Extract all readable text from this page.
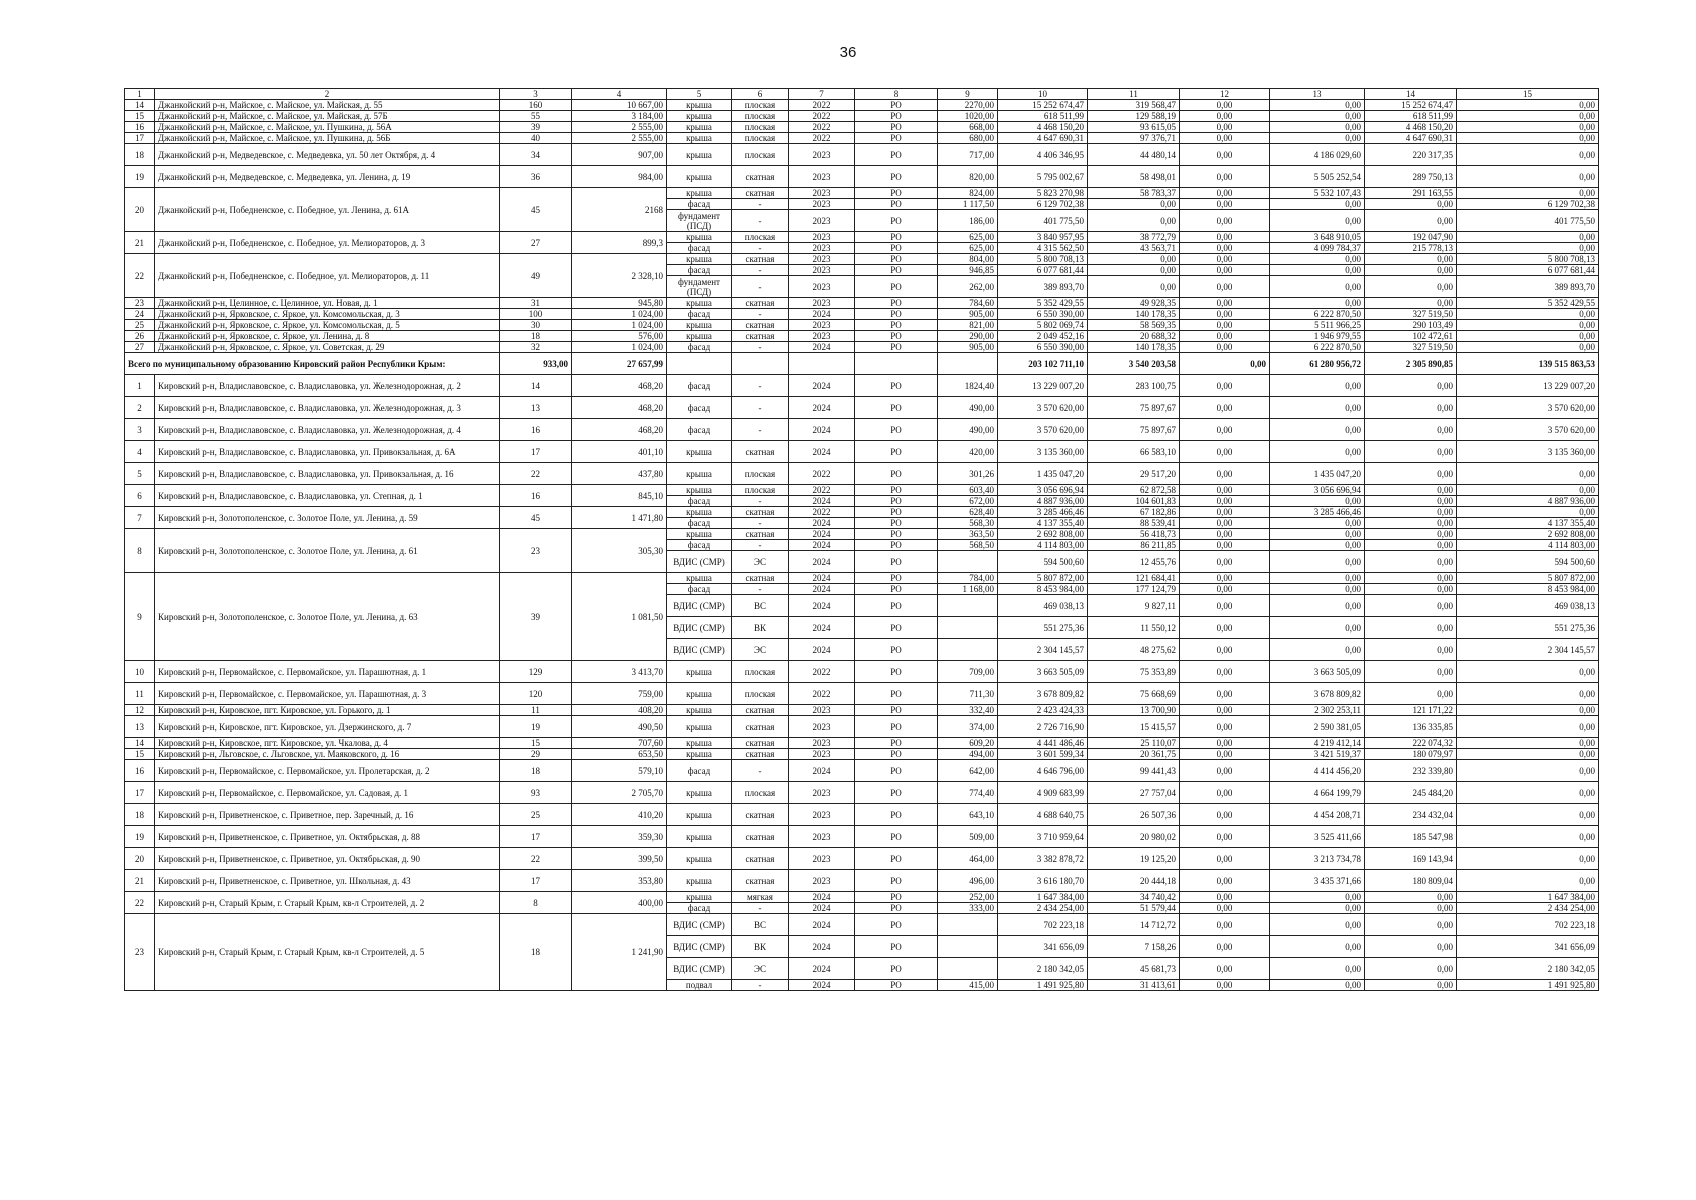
36
1	2	3	4	5	6	7	8	9	10	11	12	13	14	15
14	Джанкойский р-н, Майское, с. Майское, ул. Майская, д. 55	160	10 667,00	крыша	плоская	2022	РО	2270,00	15 252 674,47	319 568,47	0,00	0,00	15 252 674,47	0,00
15	Джанкойский р-н, Майское, с. Майское, ул. Майская, д. 57Б	55	3 184,00	крыша	плоская	2022	РО	1020,00	618 511,99	129 588,19	0,00	0,00	618 511,99	0,00
16	Джанкойский р-н, Майское, с. Майское, ул. Пушкина, д. 56А	39	2 555,00	крыша	плоская	2022	РО	668,00	4 468 150,20	93 615,05	0,00	0,00	4 468 150,20	0,00
17	Джанкойский р-н, Майское, с. Майское, ул. Пушкина, д. 56Б	40	2 555,00	крыша	плоская	2022	РО	680,00	4 647 690,31	97 376,71	0,00	0,00	4 647 690,31	0,00
18	Джанкойский р-н, Медведевское, с. Медведевка, ул. 50 лет Октября, д. 4	34	907,00	крыша	плоская	2023	РО	717,00	4 406 346,95	44 480,14	0,00	4 186 029,60	220 317,35	0,00
19	Джанкойский р-н, Медведевское, с. Медведевка, ул. Ленина, д. 19	36	984,00	крыша	скатная	2023	РО	820,00	5 795 002,67	58 498,01	0,00	5 505 252,54	289 750,13	0,00
20	Джанкойский р-н, Победненское, с. Победное, ул. Ленина, д. 61А	45	2168	крыша	скатная	2023	РО	824,00	5 823 270,98	58 783,37	0,00	5 532 107,43	291 163,55	0,00
				фасад	-	2023	РО	1 117,50	6 129 702,38	0,00	0,00	0,00	0,00	6 129 702,38
				фундамент (ПСД)	-	2023	РО	186,00	401 775,50	0,00	0,00	0,00	0,00	401 775,50
21	Джанкойский р-н, Победненское, с. Победное, ул. Мелиораторов, д. 3	27	899,3	крыша	плоская	2023	РО	625,00	3 840 957,95	38 772,79	0,00	3 648 910,05	192 047,90	0,00
				фасад	-	2023	РО	625,00	4 315 562,50	43 563,71	0,00	4 099 784,37	215 778,13	0,00
22	Джанкойский р-н, Победненское, с. Победное, ул. Мелиораторов, д. 11	49	2 328,10	крыша	скатная	2023	РО	804,00	5 800 708,13	0,00	0,00	0,00	0,00	5 800 708,13
				фасад	-	2023	РО	946,85	6 077 681,44	0,00	0,00	0,00	0,00	6 077 681,44
				фундамент (ПСД)	-	2023	РО	262,00	389 893,70	0,00	0,00	0,00	0,00	389 893,70
23	Джанкойский р-н, Целинное, с. Целинное, ул. Новая, д. 1	31	945,80	крыша	скатная	2023	РО	784,60	5 352 429,55	49 928,35	0,00	0,00	0,00	5 352 429,55
24	Джанкойский р-н, Ярковское, с. Яркое, ул. Комсомольская, д. 3	100	1 024,00	фасад	-	2024	РО	905,00	6 550 390,00	140 178,35	0,00	6 222 870,50	327 519,50	0,00
25	Джанкойский р-н, Ярковское, с. Яркое, ул. Комсомольская, д. 5	30	1 024,00	крыша	скатная	2023	РО	821,00	5 802 069,74	58 569,35	0,00	5 511 966,25	290 103,49	0,00
26	Джанкойский р-н, Ярковское, с. Яркое, ул. Ленина, д. 8	18	576,00	крыша	скатная	2023	РО	290,00	2 049 452,16	20 688,32	0,00	1 946 979,55	102 472,61	0,00
27	Джанкойский р-н, Ярковское, с. Яркое, ул. Советская, д. 29	32	1 024,00	фасад	-	2024	РО	905,00	6 550 390,00	140 178,35	0,00	6 222 870,50	327 519,50	0,00
Всего по муниципальному образованию Кировский район Республики Крым:		933,00	27 657,99						203 102 711,10	3 540 203,58	0,00	61 280 956,72	2 305 890,85	139 515 863,53
1	Кировский р-н, Владиславовское, с. Владиславовка, ул. Железнодорожная, д. 2	14	468,20	фасад	-	2024	РО	1824,40	13 229 007,20	283 100,75	0,00	0,00	0,00	13 229 007,20
2	Кировский р-н, Владиславовское, с. Владиславовка, ул. Железнодорожная, д. 3	13	468,20	фасад	-	2024	РО	490,00	3 570 620,00	75 897,67	0,00	0,00	0,00	3 570 620,00
3	Кировский р-н, Владиславовское, с. Владиславовка, ул. Железнодорожная, д. 4	16	468,20	фасад	-	2024	РО	490,00	3 570 620,00	75 897,67	0,00	0,00	0,00	3 570 620,00
4	Кировский р-н, Владиславовское, с. Владиславовка, ул. Привокзальная, д. 6А	17	401,10	крыша	скатная	2024	РО	420,00	3 135 360,00	66 583,10	0,00	0,00	0,00	3 135 360,00
5	Кировский р-н, Владиславовское, с. Владиславовка, ул. Привокзальная, д. 16	22	437,80	крыша	плоская	2022	РО	301,26	1 435 047,20	29 517,20	0,00	1 435 047,20	0,00	0,00
6	Кировский р-н, Владиславовское, с. Владиславовка, ул. Степная, д. 1	16	845,10	крыша	плоская	2022	РО	603,40	3 056 696,94	62 872,58	0,00	3 056 696,94	0,00	0,00
				фасад	-	2024	РО	672,00	4 887 936,00	104 601,83	0,00	0,00	0,00	4 887 936,00
7	Кировский р-н, Золотополенское, с. Золотое Поле, ул. Ленина, д. 59	45	1 471,80	крыша	скатная	2022	РО	628,40	3 285 466,46	67 182,86	0,00	3 285 466,46	0,00	0,00
				фасад	-	2024	РО	568,30	4 137 355,40	88 539,41	0,00	0,00	0,00	4 137 355,40
8	Кировский р-н, Золотополенское, с. Золотое Поле, ул. Ленина, д. 61	23	305,30	крыша	скатная	2024	РО	363,50	2 692 808,00	56 418,73	0,00	0,00	0,00	2 692 808,00
				фасад	-	2024	РО	568,50	4 114 803,00	86 211,85	0,00	0,00	0,00	4 114 803,00
				ВДИС (СМР)	ЭС	2024	РО		594 500,60	12 455,76	0,00	0,00	0,00	594 500,60
9	Кировский р-н, Золотополенское, с. Золотое Поле, ул. Ленина, д. 63	39	1 081,50	крыша	скатная	2024	РО	784,00	5 807 872,00	121 684,41	0,00	0,00	0,00	5 807 872,00
				фасад	-	2024	РО	1 168,00	8 453 984,00	177 124,79	0,00	0,00	0,00	8 453 984,00
				ВДИС (СМР)	ВС	2024	РО		469 038,13	9 827,11	0,00	0,00	0,00	469 038,13
				ВДИС (СМР)	ВК	2024	РО		551 275,36	11 550,12	0,00	0,00	0,00	551 275,36
				ВДИС (СМР)	ЭС	2024	РО		2 304 145,57	48 275,62	0,00	0,00	0,00	2 304 145,57
10	Кировский р-н, Первомайское, с. Первомайское, ул. Парашютная, д. 1	129	3 413,70	крыша	плоская	2022	РО	709,00	3 663 505,09	75 353,89	0,00	3 663 505,09	0,00	0,00
11	Кировский р-н, Первомайское, с. Первомайское, ул. Парашютная, д. 3	120	759,00	крыша	плоская	2022	РО	711,30	3 678 809,82	75 668,69	0,00	3 678 809,82	0,00	0,00
12	Кировский р-н, Кировское, пгт. Кировское, ул. Горького, д. 1	11	408,20	крыша	скатная	2023	РО	332,40	2 423 424,33	13 700,90	0,00	2 302 253,11	121 171,22	0,00
13	Кировский р-н, Кировское, пгт. Кировское, ул. Дзержинского, д. 7	19	490,50	крыша	скатная	2023	РО	374,00	2 726 716,90	15 415,57	0,00	2 590 381,05	136 335,85	0,00
14	Кировский р-н, Кировское, пгт. Кировское, ул. Чкалова, д. 4	15	707,60	крыша	скатная	2023	РО	609,20	4 441 486,46	25 110,07	0,00	4 219 412,14	222 074,32	0,00
15	Кировский р-н, Льговское, с. Льговское, ул. Маяковского, д. 16	29	653,50	крыша	скатная	2023	РО	494,00	3 601 599,34	20 361,75	0,00	3 421 519,37	180 079,97	0,00
16	Кировский р-н, Первомайское, с. Первомайское, ул. Пролетарская, д. 2	18	579,10	фасад	-	2024	РО	642,00	4 646 796,00	99 441,43	0,00	4 414 456,20	232 339,80	0,00
17	Кировский р-н, Первомайское, с. Первомайское, ул. Садовая, д. 1	93	2 705,70	крыша	плоская	2023	РО	774,40	4 909 683,99	27 757,04	0,00	4 664 199,79	245 484,20	0,00
18	Кировский р-н, Приветненское, с. Приветное, пер. Заречный, д. 16	25	410,20	крыша	скатная	2023	РО	643,10	4 688 640,75	26 507,36	0,00	4 454 208,71	234 432,04	0,00
19	Кировский р-н, Приветненское, с. Приветное, ул. Октябрьская, д. 88	17	359,30	крыша	скатная	2023	РО	509,00	3 710 959,64	20 980,02	0,00	3 525 411,66	185 547,98	0,00
20	Кировский р-н, Приветненское, с. Приветное, ул. Октябрьская, д. 90	22	399,50	крыша	скатная	2023	РО	464,00	3 382 878,72	19 125,20	0,00	3 213 734,78	169 143,94	0,00
21	Кировский р-н, Приветненское, с. Приветное, ул. Школьная, д. 43	17	353,80	крыша	скатная	2023	РО	496,00	3 616 180,70	20 444,18	0,00	3 435 371,66	180 809,04	0,00
22	Кировский р-н, Старый Крым, г. Старый Крым, кв-л Строителей, д. 2	8	400,00	крыша	мягкая	2024	РО	252,00	1 647 384,00	34 740,42	0,00	0,00	0,00	1 647 384,00
				фасад	-	2024	РО	333,00	2 434 254,00	51 579,44	0,00	0,00	0,00	2 434 254,00
23	Кировский р-н, Старый Крым, г. Старый Крым, кв-л Строителей, д. 5	18	1 241,90	ВДИС (СМР)	ВС	2024	РО		702 223,18	14 712,72	0,00	0,00	0,00	702 223,18
				ВДИС (СМР)	ВК	2024	РО		341 656,09	7 158,26	0,00	0,00	0,00	341 656,09
				ВДИС (СМР)	ЭС	2024	РО		2 180 342,05	45 681,73	0,00	0,00	0,00	2 180 342,05
				подвал	-	2024	РО	415,00	1 491 925,80	31 413,61	0,00	0,00	0,00	1 491 925,80
